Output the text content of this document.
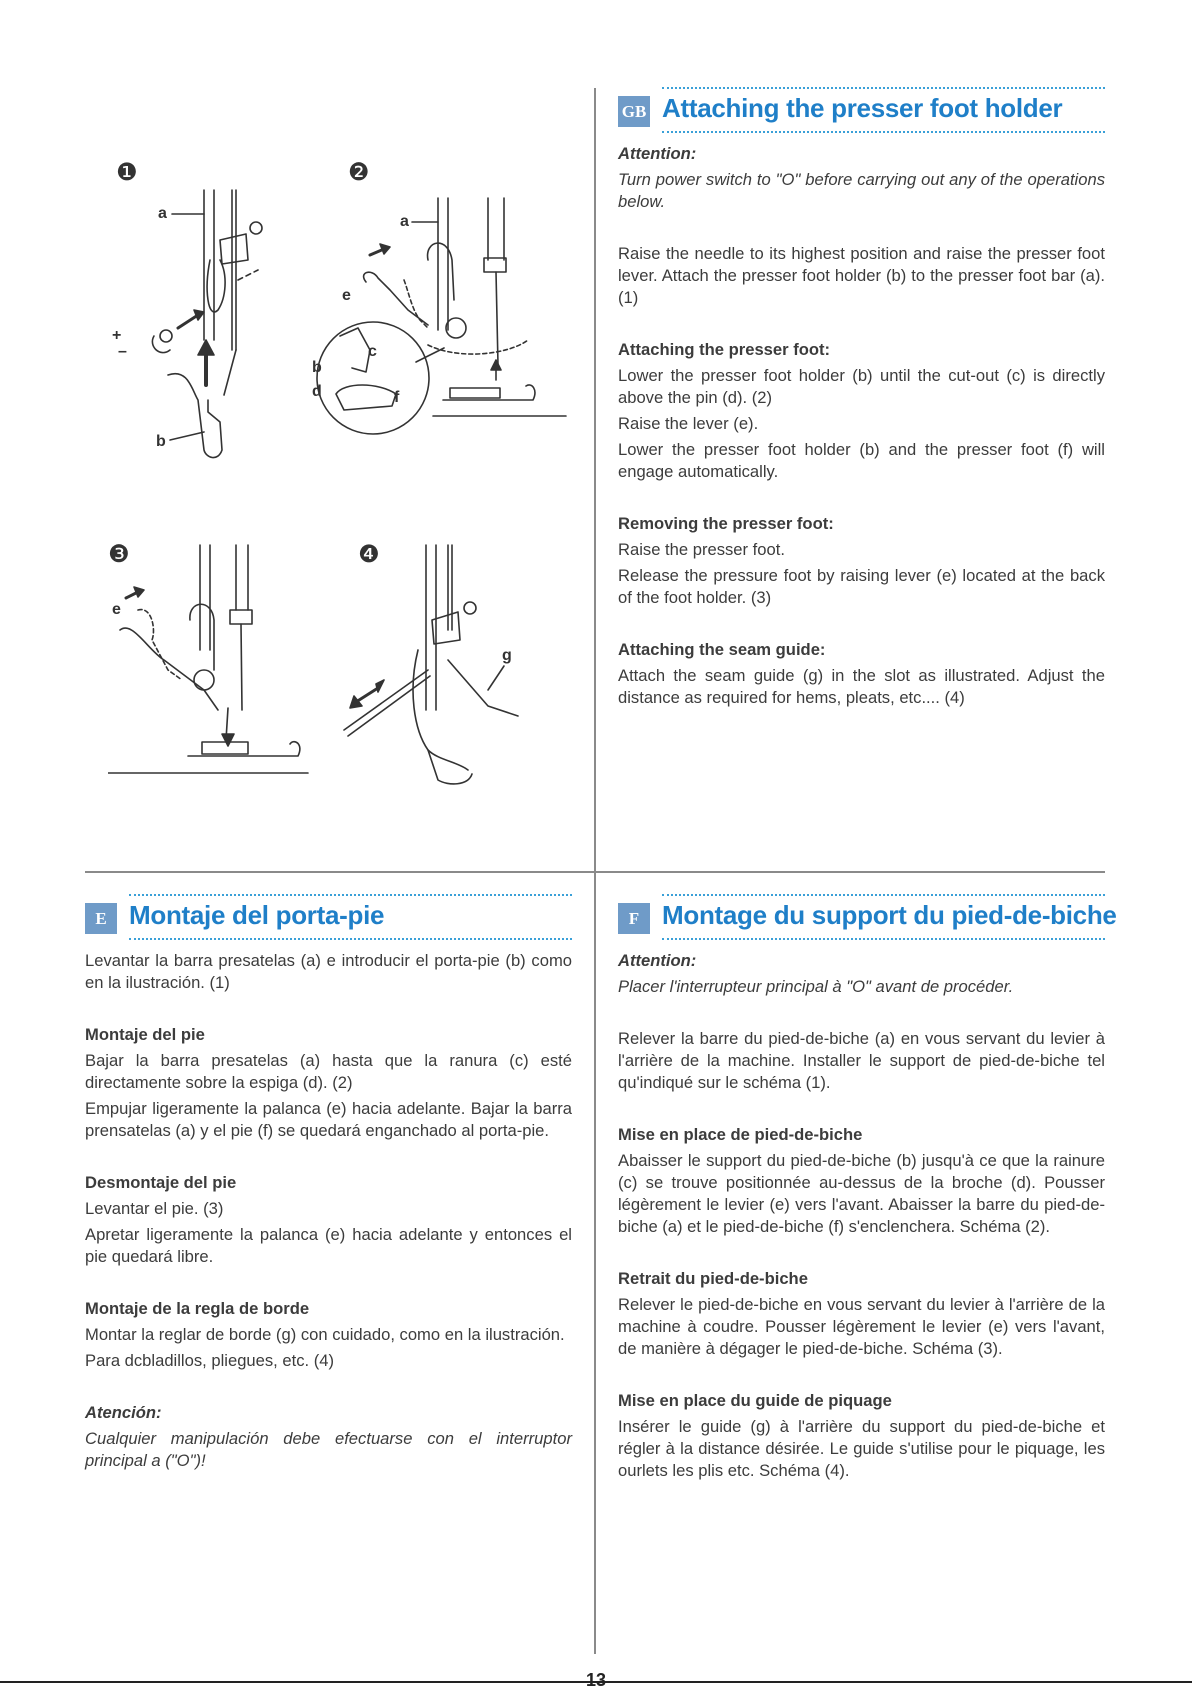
❶
a
+
–
b
❷
a
e
c
b
d	f
❸
e
❹
g
GB Attaching the presser foot holder
Attention:

Turn power switch to "O" before carrying out any of the operations below.

Raise the needle to its highest position and raise the presser foot lever. Attach the presser foot holder (b) to the presser foot bar (a). (1)

Attaching the presser foot:

Lower the presser foot holder (b) until the cut-out (c) is directly above the pin (d). (2)

Raise the lever (e).

Lower the presser foot holder (b) and the presser foot (f) will engage automatically.

Removing the presser foot:

Raise the presser foot.

Release the pressure foot by raising lever (e) located at the back of the foot holder. (3)

Attaching the seam guide:

Attach the seam guide (g) in the slot as illustrated. Adjust the distance as required for hems, pleats, etc.... (4)

E Montaje del porta-pie

Levantar la barra presatelas (a) e introducir el porta-pie (b) como en la ilustración. (1)

Montaje del pie

Bajar la barra presatelas (a) hasta que la ranura (c) esté directamente sobre la espiga (d). (2)

Empujar ligeramente la palanca (e) hacia adelante. Bajar la barra prensatelas (a) y el pie (f) se quedará enganchado al porta-pie.

Desmontaje del pie

Levantar el pie. (3)

Apretar ligeramente la palanca (e) hacia adelante y entonces el pie quedará libre.

Montaje de la regla de borde

Montar la reglar de borde (g) con cuidado, como en la ilustración.

Para dcbladillos, pliegues, etc. (4)

Atención:

Cualquier manipulación debe efectuarse con el interruptor principal a ("O")!

F Montage du support du pied-de-biche
Attention:

Placer l'interrupteur principal à "O" avant de procéder.

Relever la barre du pied-de-biche (a) en vous servant du levier à l'arrière de la machine. Installer le support de pied-de-biche tel qu'indiqué sur le schéma (1).

Mise en place de pied-de-biche

Abaisser le support du pied-de-biche (b) jusqu'à ce que la rainure (c) se trouve positionnée au-dessus de la broche (d). Pousser légèrement le levier (e) vers l'avant. Abaisser la barre du pied-de-biche (a) et le pied-de-biche (f) s'enclenchera. Schéma (2).

Retrait du pied-de-biche

Relever le pied-de-biche en vous servant du levier à l'arrière de la machine à coudre. Pousser légèrement le levier (e) vers l'avant, de manière à dégager le pied-de-biche. Schéma (3).

Mise en place du guide de piquage

Insérer le guide (g) à l'arrière du support du pied-de-biche et régler à la distance désirée. Le guide s'utilise pour le piquage, les ourlets les plis etc. Schéma (4).

13
